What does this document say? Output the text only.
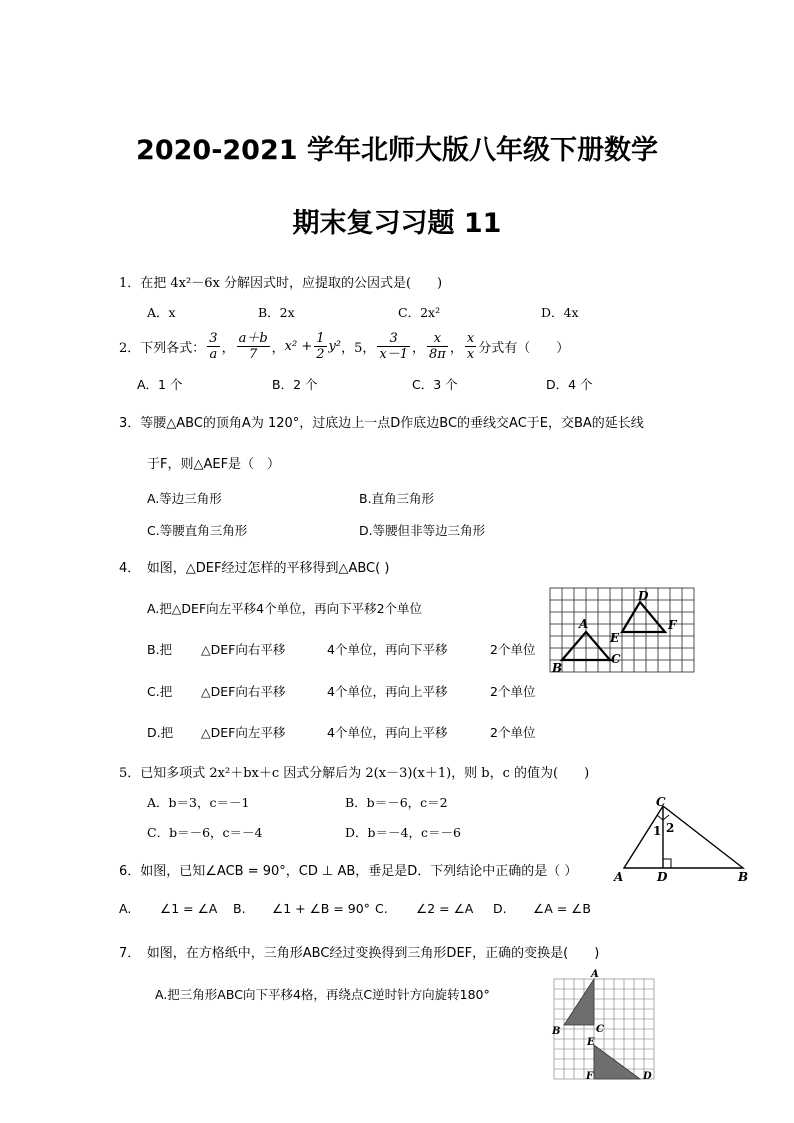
2020-2021 学年北师大版八年级下册数学
期末复习习题 11
1．在把 4x²－6x 分解因式时，应提取的公因式是(　　)
A．x	B．2x	C．2x²	D．4x
2．下列各式： $\frac{3}{a}$ ， $\frac{a+b}{7}$ ， $x^2 + \frac{1}{2} y^2$ ，5， $\frac{3}{x-1}$ ， $\frac{x}{8\pi}$ ， $\frac{x}{x}$ 分式有（　　）
A．1 个	B．2 个	C．3 个	D．4 个
3．等腰△ABC的顶角A为 120°，过底边上一点D作底边BC的垂线交AC于E，交BA的延长线
于F，则△AEF是（　）
A.等边三角形	B.直角三角形
C.等腰直角三角形	D.等腰但非等边三角形
4．　如图，△DEF经过怎样的平移得到△ABC( )
A.把△DEF向左平移4个单位，再向下平移2个单位
B.把 △DEF向右平移	4个单位，再向下平移	2个单位
C.把 △DEF向右平移	4个单位，再向上平移	2个单位
D.把 △DEF向左平移	4个单位，再向上平移	2个单位
A
B
C
D
E
F
5．已知多项式 2x²＋bx＋c 因式分解后为 2(x－3)(x＋1)，则 b，c 的值为(　　)
A．b＝3，c＝－1	B．b＝－6，c＝2
C．b＝－6，c＝－4	D．b＝－4，c＝－6
C
A	D	B
1 2
6．如图，已知∠ACB = 90°，CD ⊥ AB，垂足是D．下列结论中正确的是（ ）
A. ∠1 = ∠A B. ∠1 + ∠B = 90° C. ∠2 = ∠A D. ∠A = ∠B
7．　如图，在方格纸中，三角形ABC经过变换得到三角形DEF，正确的变换是(　　)
A.把三角形ABC向下平移4格，再绕点C逆时针方向旋转180°
A
B	C
E
F	D
